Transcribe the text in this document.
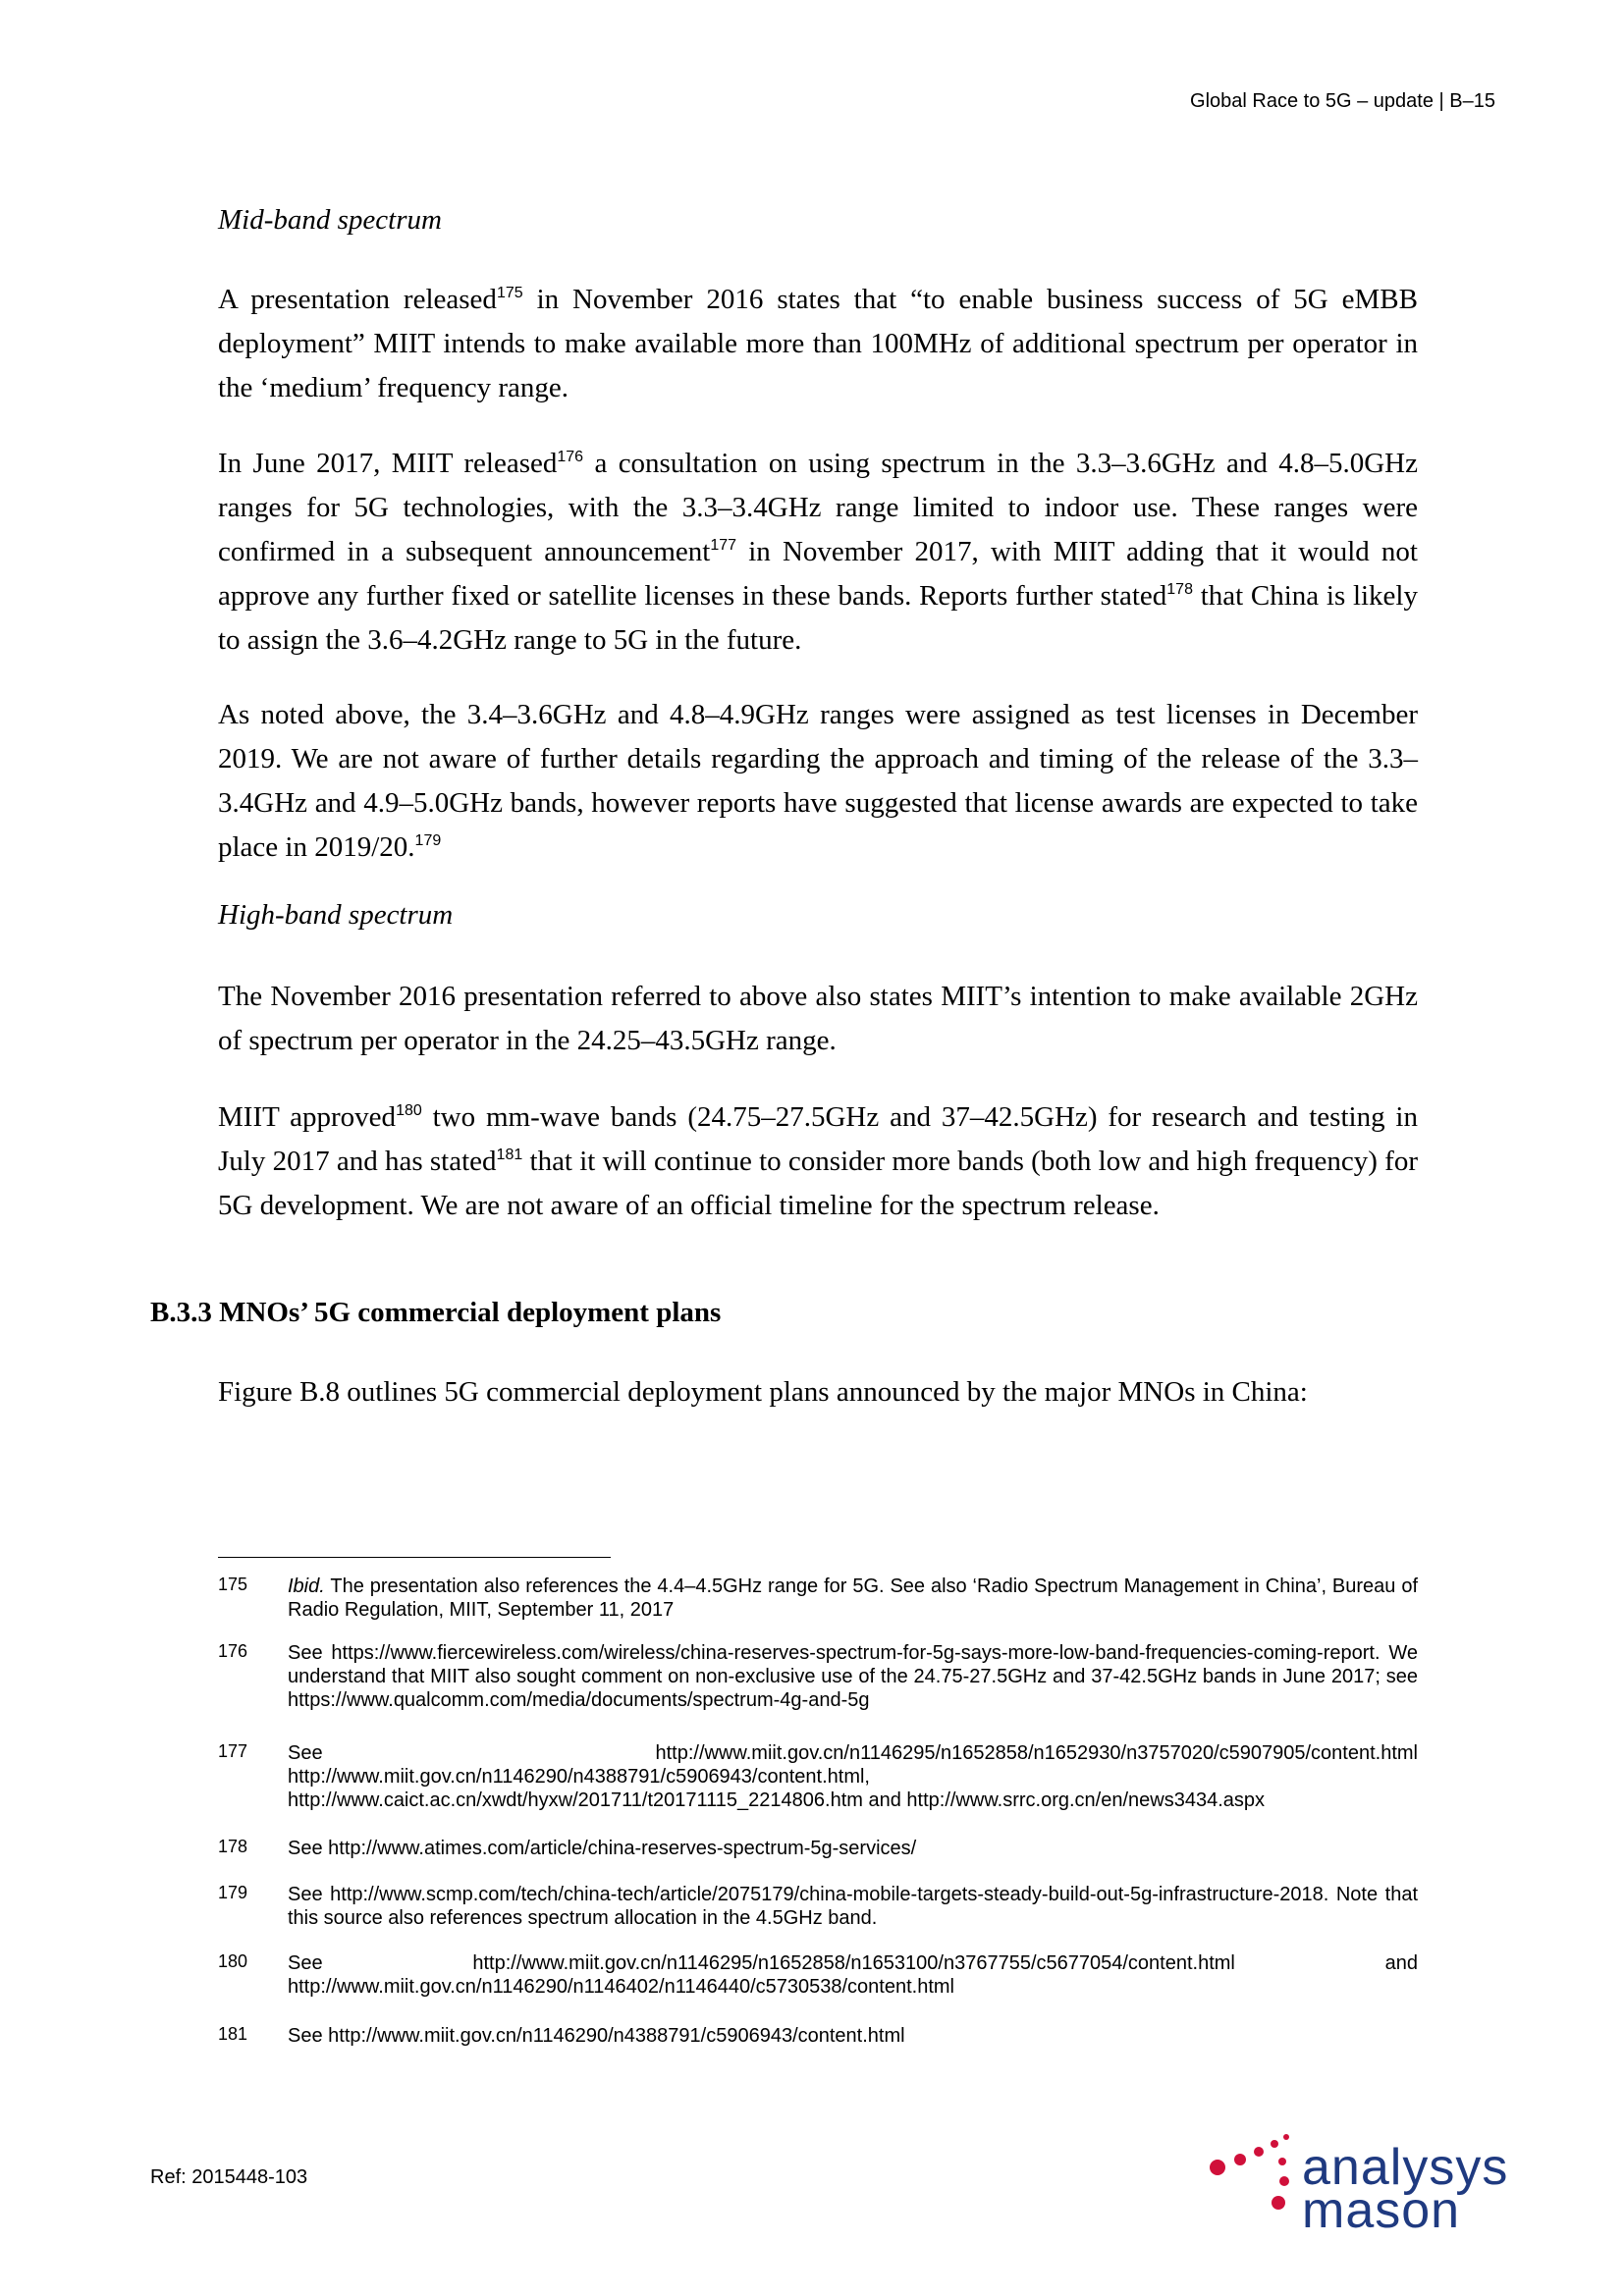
Global Race to 5G – update | B–15
Mid-band spectrum
A presentation released$^{175}$ in November 2016 states that “to enable business success of 5G eMBB deployment” MIIT intends to make available more than 100MHz of additional spectrum per operator in the ‘medium’ frequency range.
In June 2017, MIIT released$^{176}$ a consultation on using spectrum in the 3.3–3.6GHz and 4.8–5.0GHz ranges for 5G technologies, with the 3.3–3.4GHz range limited to indoor use. These ranges were confirmed in a subsequent announcement$^{177}$ in November 2017, with MIIT adding that it would not approve any further fixed or satellite licenses in these bands. Reports further stated$^{178}$ that China is likely to assign the 3.6–4.2GHz range to 5G in the future.
As noted above, the 3.4–3.6GHz and 4.8–4.9GHz ranges were assigned as test licenses in December 2019. We are not aware of further details regarding the approach and timing of the release of the 3.3–3.4GHz and 4.9–5.0GHz bands, however reports have suggested that license awards are expected to take place in 2019/20.$^{179}$
High-band spectrum
The November 2016 presentation referred to above also states MIIT’s intention to make available 2GHz of spectrum per operator in the 24.25–43.5GHz range.
MIIT approved$^{180}$ two mm-wave bands (24.75–27.5GHz and 37–42.5GHz) for research and testing in July 2017 and has stated$^{181}$ that it will continue to consider more bands (both low and high frequency) for 5G development. We are not aware of an official timeline for the spectrum release.
B.3.3 MNOs’ 5G commercial deployment plans
Figure B.8 outlines 5G commercial deployment plans announced by the major MNOs in China:
175 Ibid. The presentation also references the 4.4–4.5GHz range for 5G. See also ‘Radio Spectrum Management in China’, Bureau of Radio Regulation, MIIT, September 11, 2017
176 See https://www.fiercewireless.com/wireless/china-reserves-spectrum-for-5g-says-more-low-band-frequencies-coming-report. We understand that MIIT also sought comment on non-exclusive use of the 24.75-27.5GHz and 37-42.5GHz bands in June 2017; see https://www.qualcomm.com/media/documents/spectrum-4g-and-5g
177 See http://www.miit.gov.cn/n1146295/n1652858/n1652930/n3757020/c5907905/content.html http://www.miit.gov.cn/n1146290/n4388791/c5906943/content.html, http://www.caict.ac.cn/xwdt/hyxw/201711/t20171115_2214806.htm and http://www.srrc.org.cn/en/news3434.aspx
178 See http://www.atimes.com/article/china-reserves-spectrum-5g-services/
179 See http://www.scmp.com/tech/china-tech/article/2075179/china-mobile-targets-steady-build-out-5g-infrastructure-2018. Note that this source also references spectrum allocation in the 4.5GHz band.
180 See http://www.miit.gov.cn/n1146295/n1652858/n1653100/n3767755/c5677054/content.html and http://www.miit.gov.cn/n1146290/n1146402/n1146440/c5730538/content.html
181 See http://www.miit.gov.cn/n1146290/n4388791/c5906943/content.html
Ref: 2015448-103	analysys
mason
